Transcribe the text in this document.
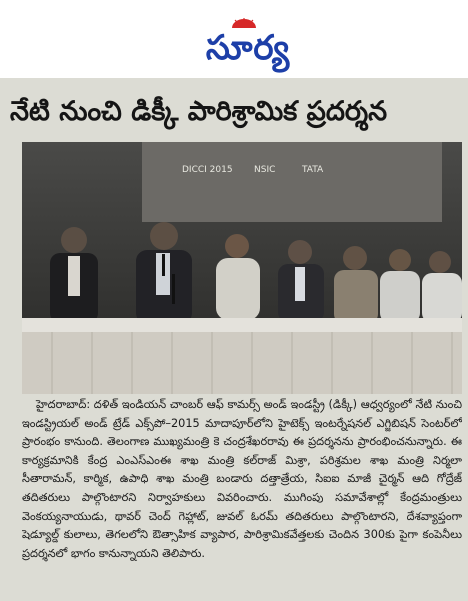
సూర్య
నేటి నుంచి డిక్కీ పారిశ్రామిక ప్రదర్శన
DICCI 2015 NSIC	TATA

హైదరాబాద్: దళిత్ ఇండియన్ చాంబర్ ఆఫ్ కామర్స్ అండ్ ఇండస్ట్రీ (డిక్కీ) ఆధ్వర్యంలో నేటి నుంచి ఇండస్ట్రియల్ అండ్ ట్రేడ్ ఎక్స్‌పో–2015 మాదాపూర్‌లోని హైటెక్స్ ఇంటర్నేషనల్ ఎగ్జిబిషన్ సెంటర్‌లో ప్రారంభం కానుంది. తెలంగాణ ముఖ్యమంత్రి కె చంద్రశేఖరరావు ఈ ప్రదర్శనను ప్రారంభించనున్నారు. ఈ కార్యక్రమానికి కేంద్ర ఎంఎస్‌ఎంఈ శాఖ మంత్రి కల్‌రాజ్ మిశ్రా, పరిశ్రమల శాఖ మంత్రి నిర్మలా సీతారామన్, కార్మిక, ఉపాధి శాఖ మంత్రి బండారు దత్తాత్రేయ, సిఐఐ మాజీ చైర్మన్ ఆది గోద్రేజ్ తదితరులు పాల్గొంటారని నిర్వాహకులు వివరించారు. ముగింపు సమావేశాల్లో కేంద్రమంత్రులు వెంకయ్యనాయుడు, థావర్ చెంద్ గెహ్లాట్, జువల్ ఓరమ్ తదితరులు పాల్గొంటారని, దేశవ్యాప్తంగా షెడ్యూల్డ్ కులాలు, తెగలలోని ఔత్సాహిక వ్యాపార, పారిశ్రామికవేత్తలకు చెందిన 300కు పైగా కంపెనీలు ప్రదర్శనలో భాగం కానున్నాయని తెలిపారు.
